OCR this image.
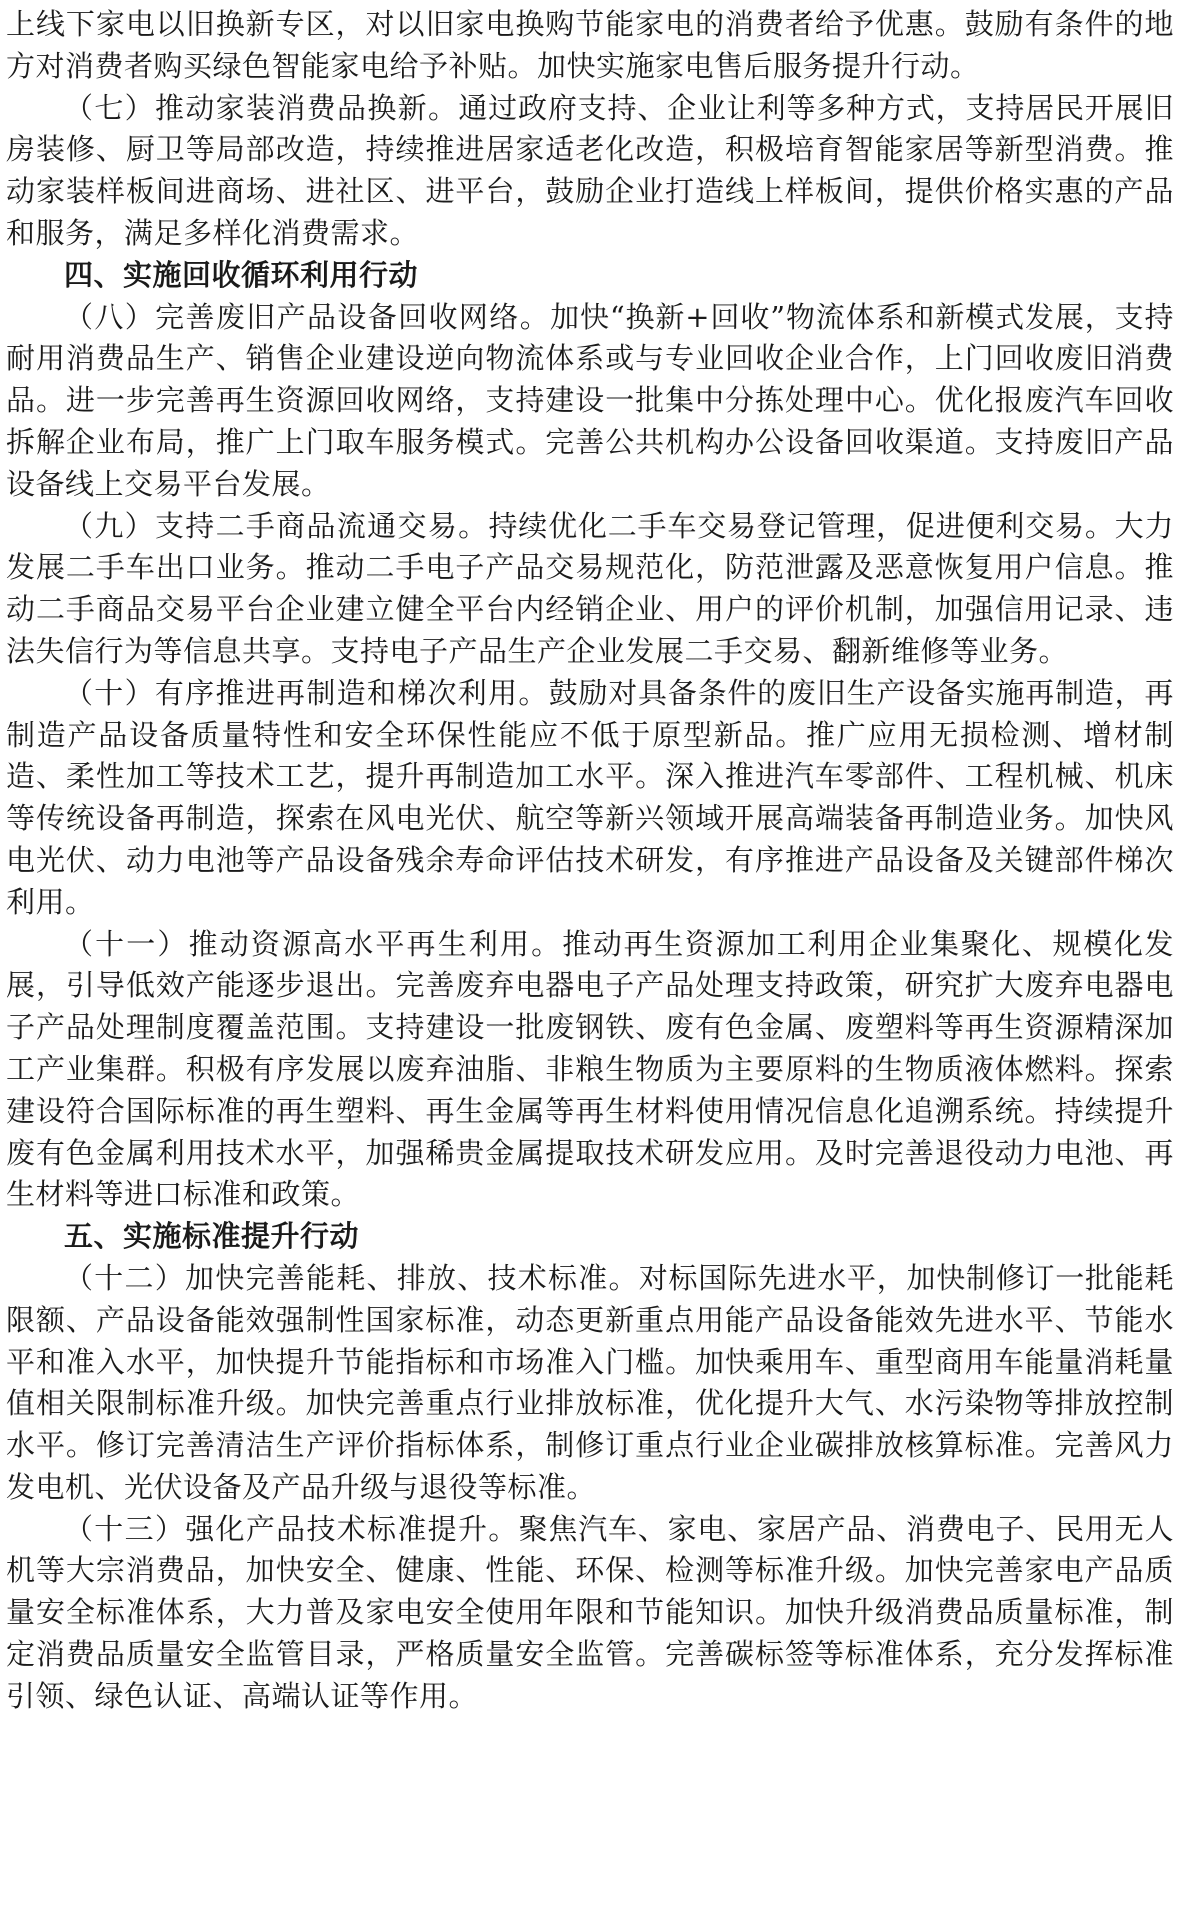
上线下家电以旧换新专区，对以旧家电换购节能家电的消费者给予优惠。鼓励有条件的地方对消费者购买绿色智能家电给予补贴。加快实施家电售后服务提升行动。

（七）推动家装消费品换新。通过政府支持、企业让利等多种方式，支持居民开展旧房装修、厨卫等局部改造，持续推进居家适老化改造，积极培育智能家居等新型消费。推动家装样板间进商场、进社区、进平台，鼓励企业打造线上样板间，提供价格实惠的产品和服务，满足多样化消费需求。

四、实施回收循环利用行动

（八）完善废旧产品设备回收网络。加快“换新+回收”物流体系和新模式发展，支持耐用消费品生产、销售企业建设逆向物流体系或与专业回收企业合作，上门回收废旧消费品。进一步完善再生资源回收网络，支持建设一批集中分拣处理中心。优化报废汽车回收拆解企业布局，推广上门取车服务模式。完善公共机构办公设备回收渠道。支持废旧产品设备线上交易平台发展。

（九）支持二手商品流通交易。持续优化二手车交易登记管理，促进便利交易。大力发展二手车出口业务。推动二手电子产品交易规范化，防范泄露及恶意恢复用户信息。推动二手商品交易平台企业建立健全平台内经销企业、用户的评价机制，加强信用记录、违法失信行为等信息共享。支持电子产品生产企业发展二手交易、翻新维修等业务。

（十）有序推进再制造和梯次利用。鼓励对具备条件的废旧生产设备实施再制造，再制造产品设备质量特性和安全环保性能应不低于原型新品。推广应用无损检测、增材制造、柔性加工等技术工艺，提升再制造加工水平。深入推进汽车零部件、工程机械、机床等传统设备再制造，探索在风电光伏、航空等新兴领域开展高端装备再制造业务。加快风电光伏、动力电池等产品设备残余寿命评估技术研发，有序推进产品设备及关键部件梯次利用。

（十一）推动资源高水平再生利用。推动再生资源加工利用企业集聚化、规模化发展，引导低效产能逐步退出。完善废弃电器电子产品处理支持政策，研究扩大废弃电器电子产品处理制度覆盖范围。支持建设一批废钢铁、废有色金属、废塑料等再生资源精深加工产业集群。积极有序发展以废弃油脂、非粮生物质为主要原料的生物质液体燃料。探索建设符合国际标准的再生塑料、再生金属等再生材料使用情况信息化追溯系统。持续提升废有色金属利用技术水平，加强稀贵金属提取技术研发应用。及时完善退役动力电池、再生材料等进口标准和政策。

五、实施标准提升行动

（十二）加快完善能耗、排放、技术标准。对标国际先进水平，加快制修订一批能耗限额、产品设备能效强制性国家标准，动态更新重点用能产品设备能效先进水平、节能水平和准入水平，加快提升节能指标和市场准入门槛。加快乘用车、重型商用车能量消耗量值相关限制标准升级。加快完善重点行业排放标准，优化提升大气、水污染物等排放控制水平。修订完善清洁生产评价指标体系，制修订重点行业企业碳排放核算标准。完善风力发电机、光伏设备及产品升级与退役等标准。

（十三）强化产品技术标准提升。聚焦汽车、家电、家居产品、消费电子、民用无人机等大宗消费品，加快安全、健康、性能、环保、检测等标准升级。加快完善家电产品质量安全标准体系，大力普及家电安全使用年限和节能知识。加快升级消费品质量标准，制定消费品质量安全监管目录，严格质量安全监管。完善碳标签等标准体系，充分发挥标准引领、绿色认证、高端认证等作用。
